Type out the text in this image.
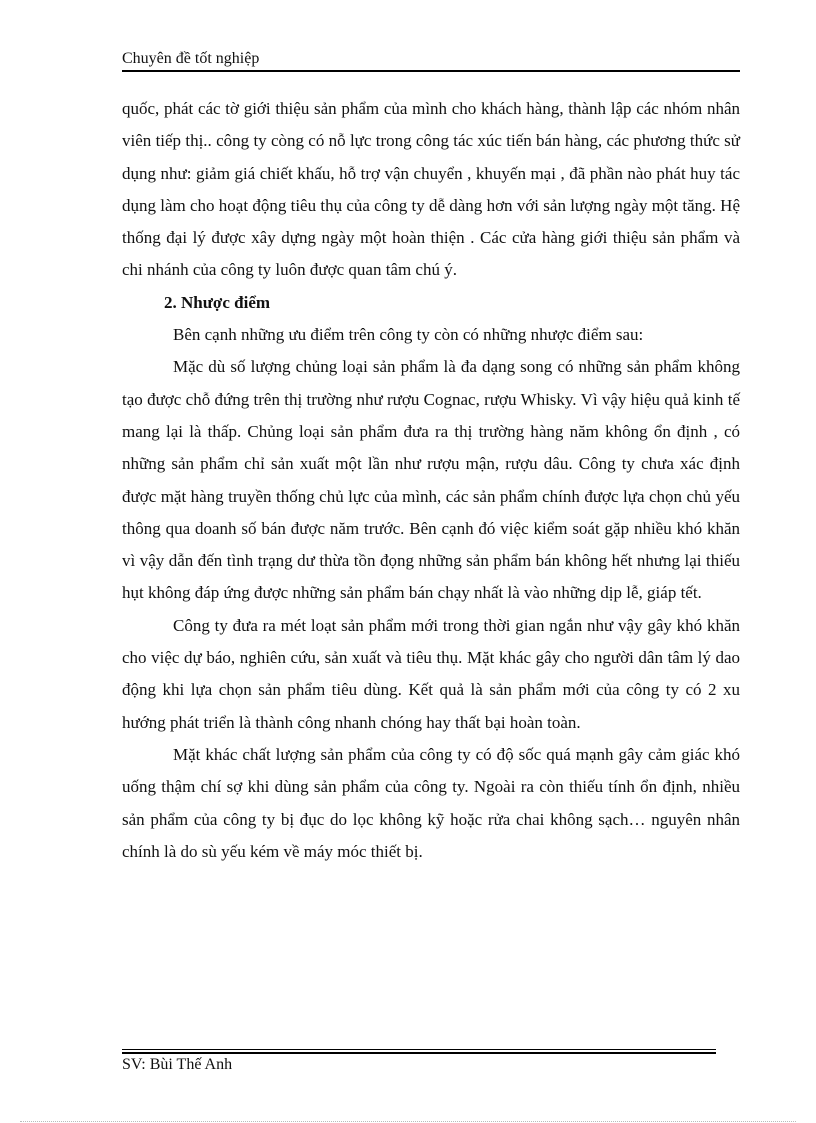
Chuyên đề tốt nghiệp

quốc, phát các tờ giới thiệu sản phẩm của mình cho khách hàng, thành lập các nhóm nhân viên tiếp thị.. công ty còng có nỗ lực trong công tác xúc tiến bán hàng, các phương thức sử dụng như: giảm giá chiết khấu, hỗ trợ vận chuyển , khuyến mại , đã phần nào phát huy tác dụng làm cho hoạt động tiêu thụ của công ty dễ dàng hơn với sản lượng ngày một tăng. Hệ thống đại lý được xây dựng ngày một hoàn thiện . Các cửa hàng giới thiệu sản phẩm và chi nhánh của công ty luôn được quan tâm chú ý.

2. Nhược điểm

Bên cạnh những ưu điểm trên công ty còn có những nhược điểm sau:

Mặc dù số lượng chủng loại sản phẩm là đa dạng song có những sản phẩm không tạo được chỗ đứng trên thị trường như rượu Cognac, rượu Whisky. Vì vậy hiệu quả kinh tế mang lại là thấp. Chủng loại sản phẩm đưa ra thị trường hàng năm không ổn định , có những sản phẩm chỉ sản xuất một lần như rượu mận, rượu dâu. Công ty chưa xác định được mặt hàng truyền thống chủ lực của mình, các sản phẩm chính được lựa chọn chủ yếu thông qua doanh số bán được năm trước. Bên cạnh đó việc kiểm soát gặp nhiều khó khăn vì vậy dẫn đến tình trạng dư thừa tồn đọng những sản phẩm bán không hết nhưng lại thiếu hụt không đáp ứng được những sản phẩm bán chạy nhất là vào những dịp lễ, giáp tết.

Công ty đưa ra mét loạt sản phẩm mới trong thời gian ngắn như vậy gây khó khăn cho việc dự báo, nghiên cứu, sản xuất và tiêu thụ. Mặt khác gây cho người dân tâm lý dao động khi lựa chọn sản phẩm tiêu dùng. Kết quả là sản phẩm mới của công ty có 2 xu hướng phát triển là thành công nhanh chóng hay thất bại hoàn toàn.

Mặt khác chất lượng sản phẩm của công ty có độ sốc quá mạnh gây cảm giác khó uống thậm chí sợ khi dùng sản phẩm của công ty. Ngoài ra còn thiếu tính ổn định, nhiều sản phẩm của công ty bị đục do lọc không kỹ hoặc rửa chai không sạch… nguyên nhân chính là do sù yếu kém về máy móc thiết bị.

SV: Bùi Thế Anh
